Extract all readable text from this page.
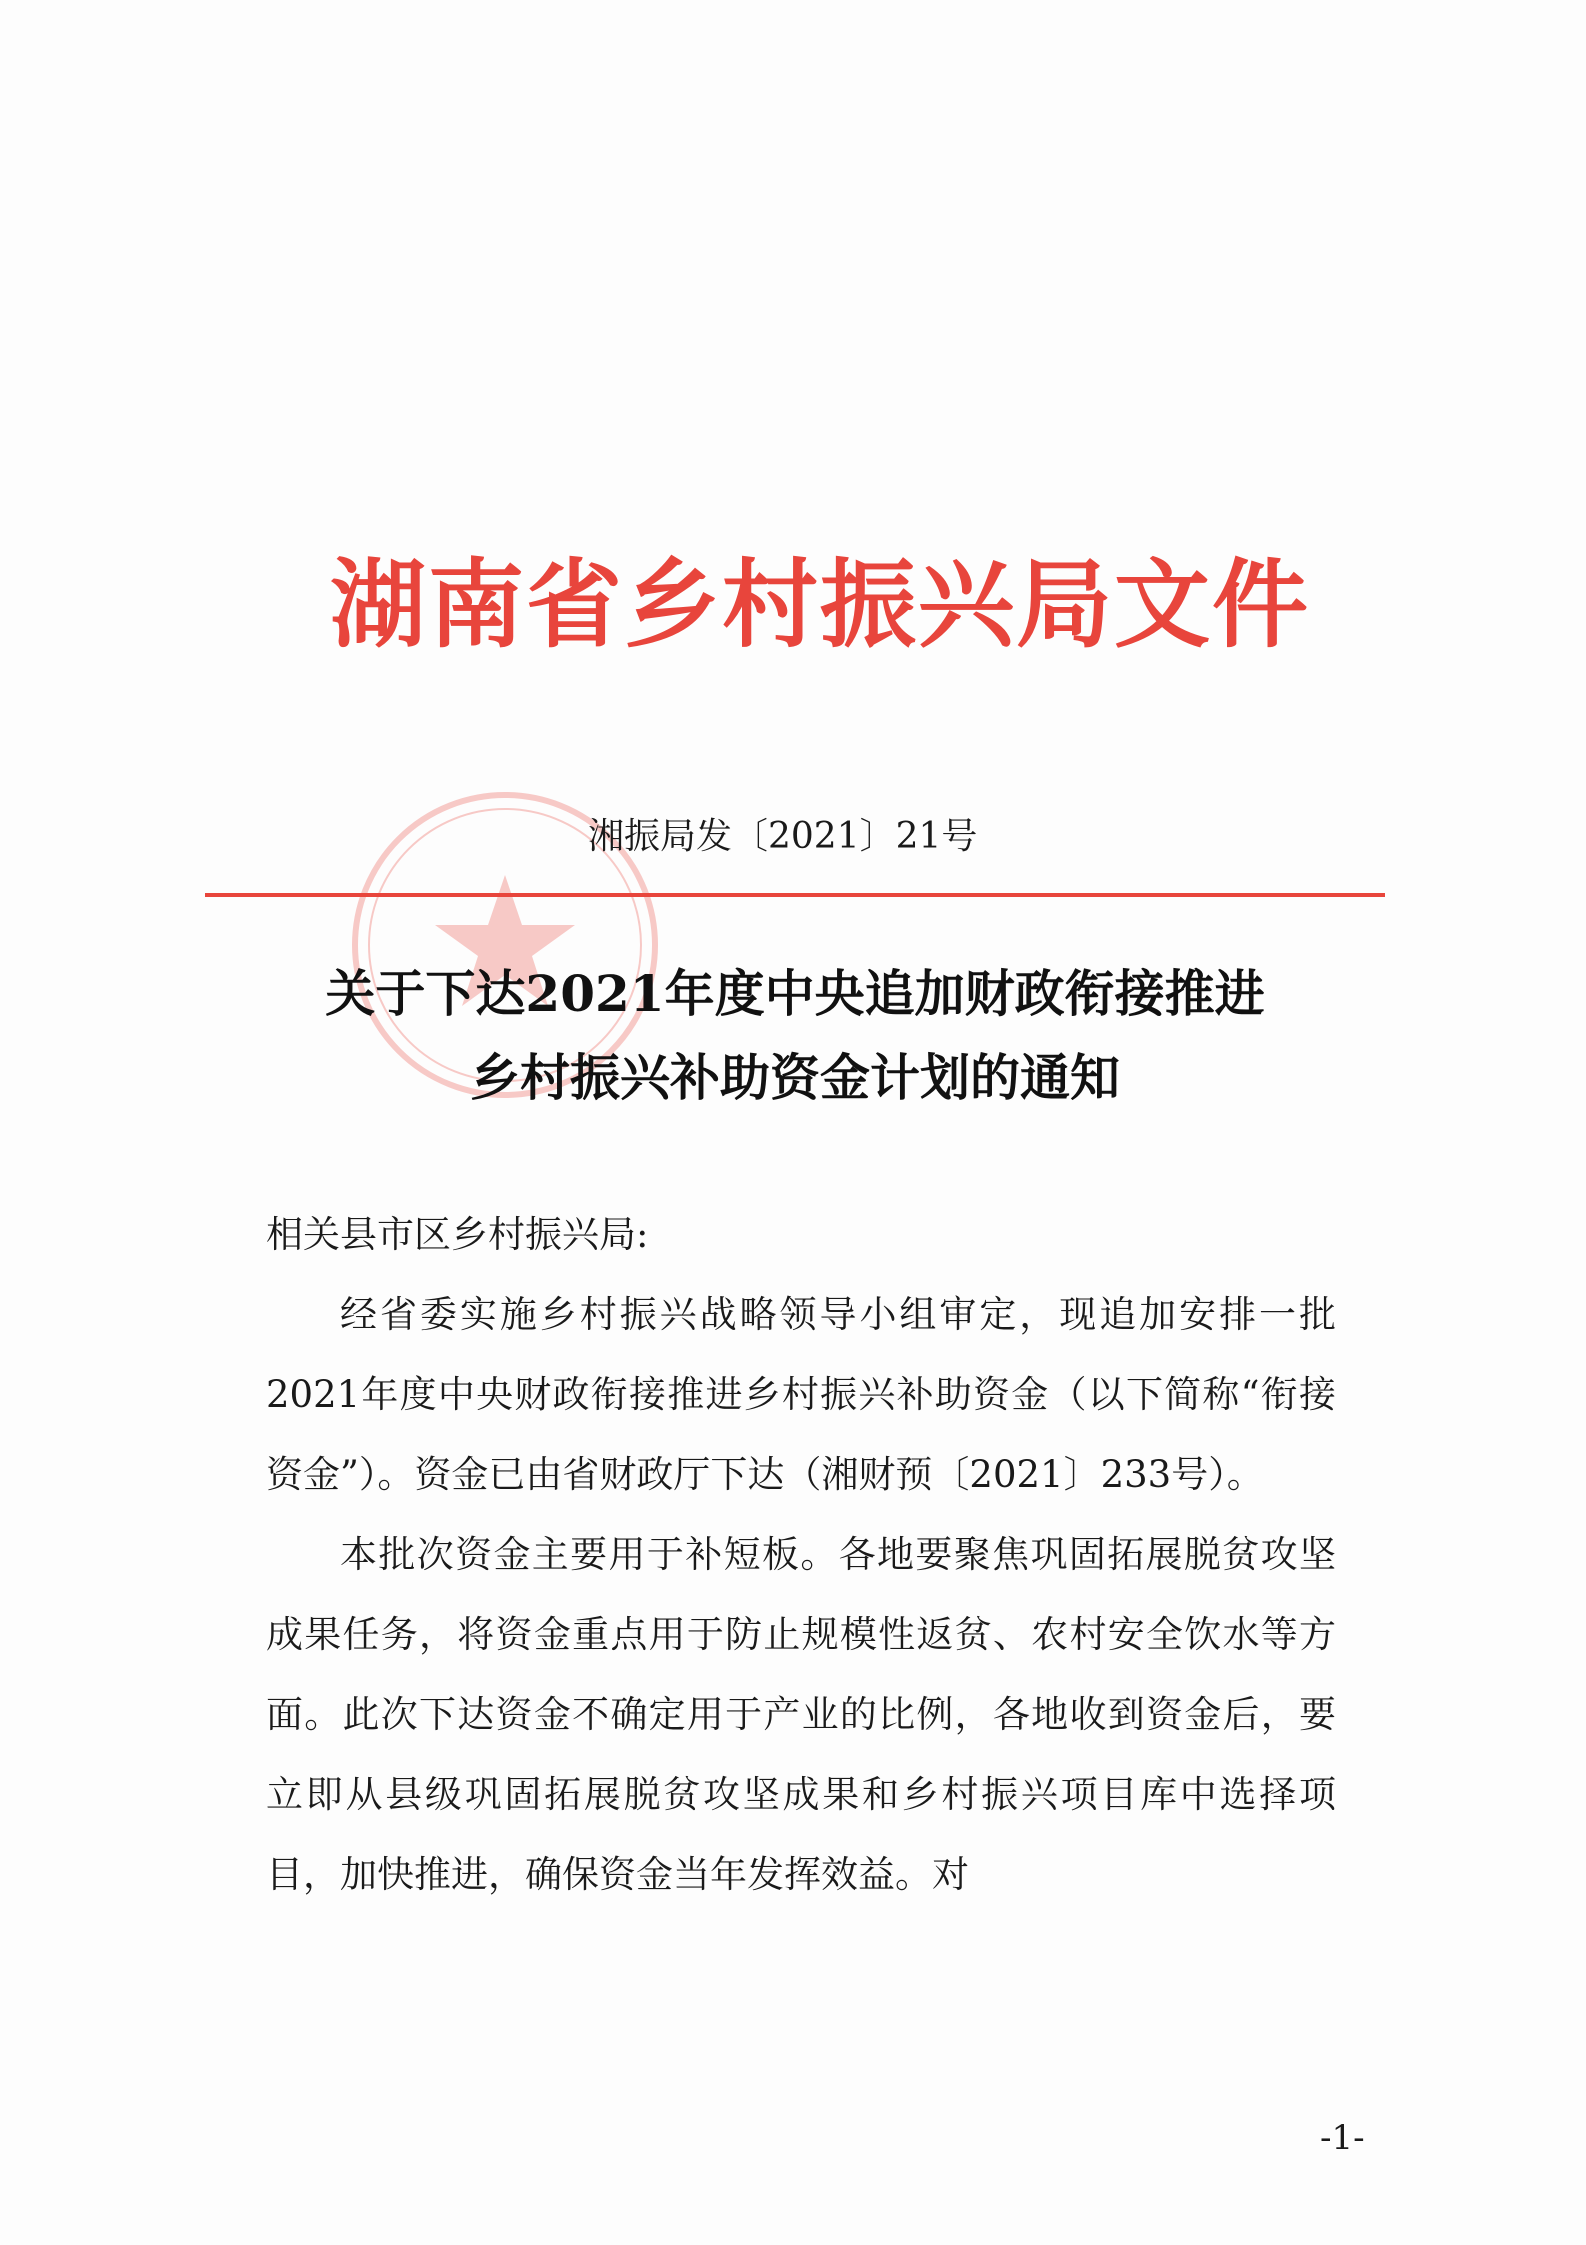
湖南省乡村振兴局文件
湘振局发〔2021〕21号
关于下达2021年度中央追加财政衔接推进
乡村振兴补助资金计划的通知
相关县市区乡村振兴局:

经省委实施乡村振兴战略领导小组审定，现追加安排一批2021年度中央财政衔接推进乡村振兴补助资金（以下简称“衔接资金”）。资金已由省财政厅下达（湘财预〔2021〕233号）。

本批次资金主要用于补短板。各地要聚焦巩固拓展脱贫攻坚成果任务，将资金重点用于防止规模性返贫、农村安全饮水等方面。此次下达资金不确定用于产业的比例，各地收到资金后，要立即从县级巩固拓展脱贫攻坚成果和乡村振兴项目库中选择项目，加快推进，确保资金当年发挥效益。对

-1-
